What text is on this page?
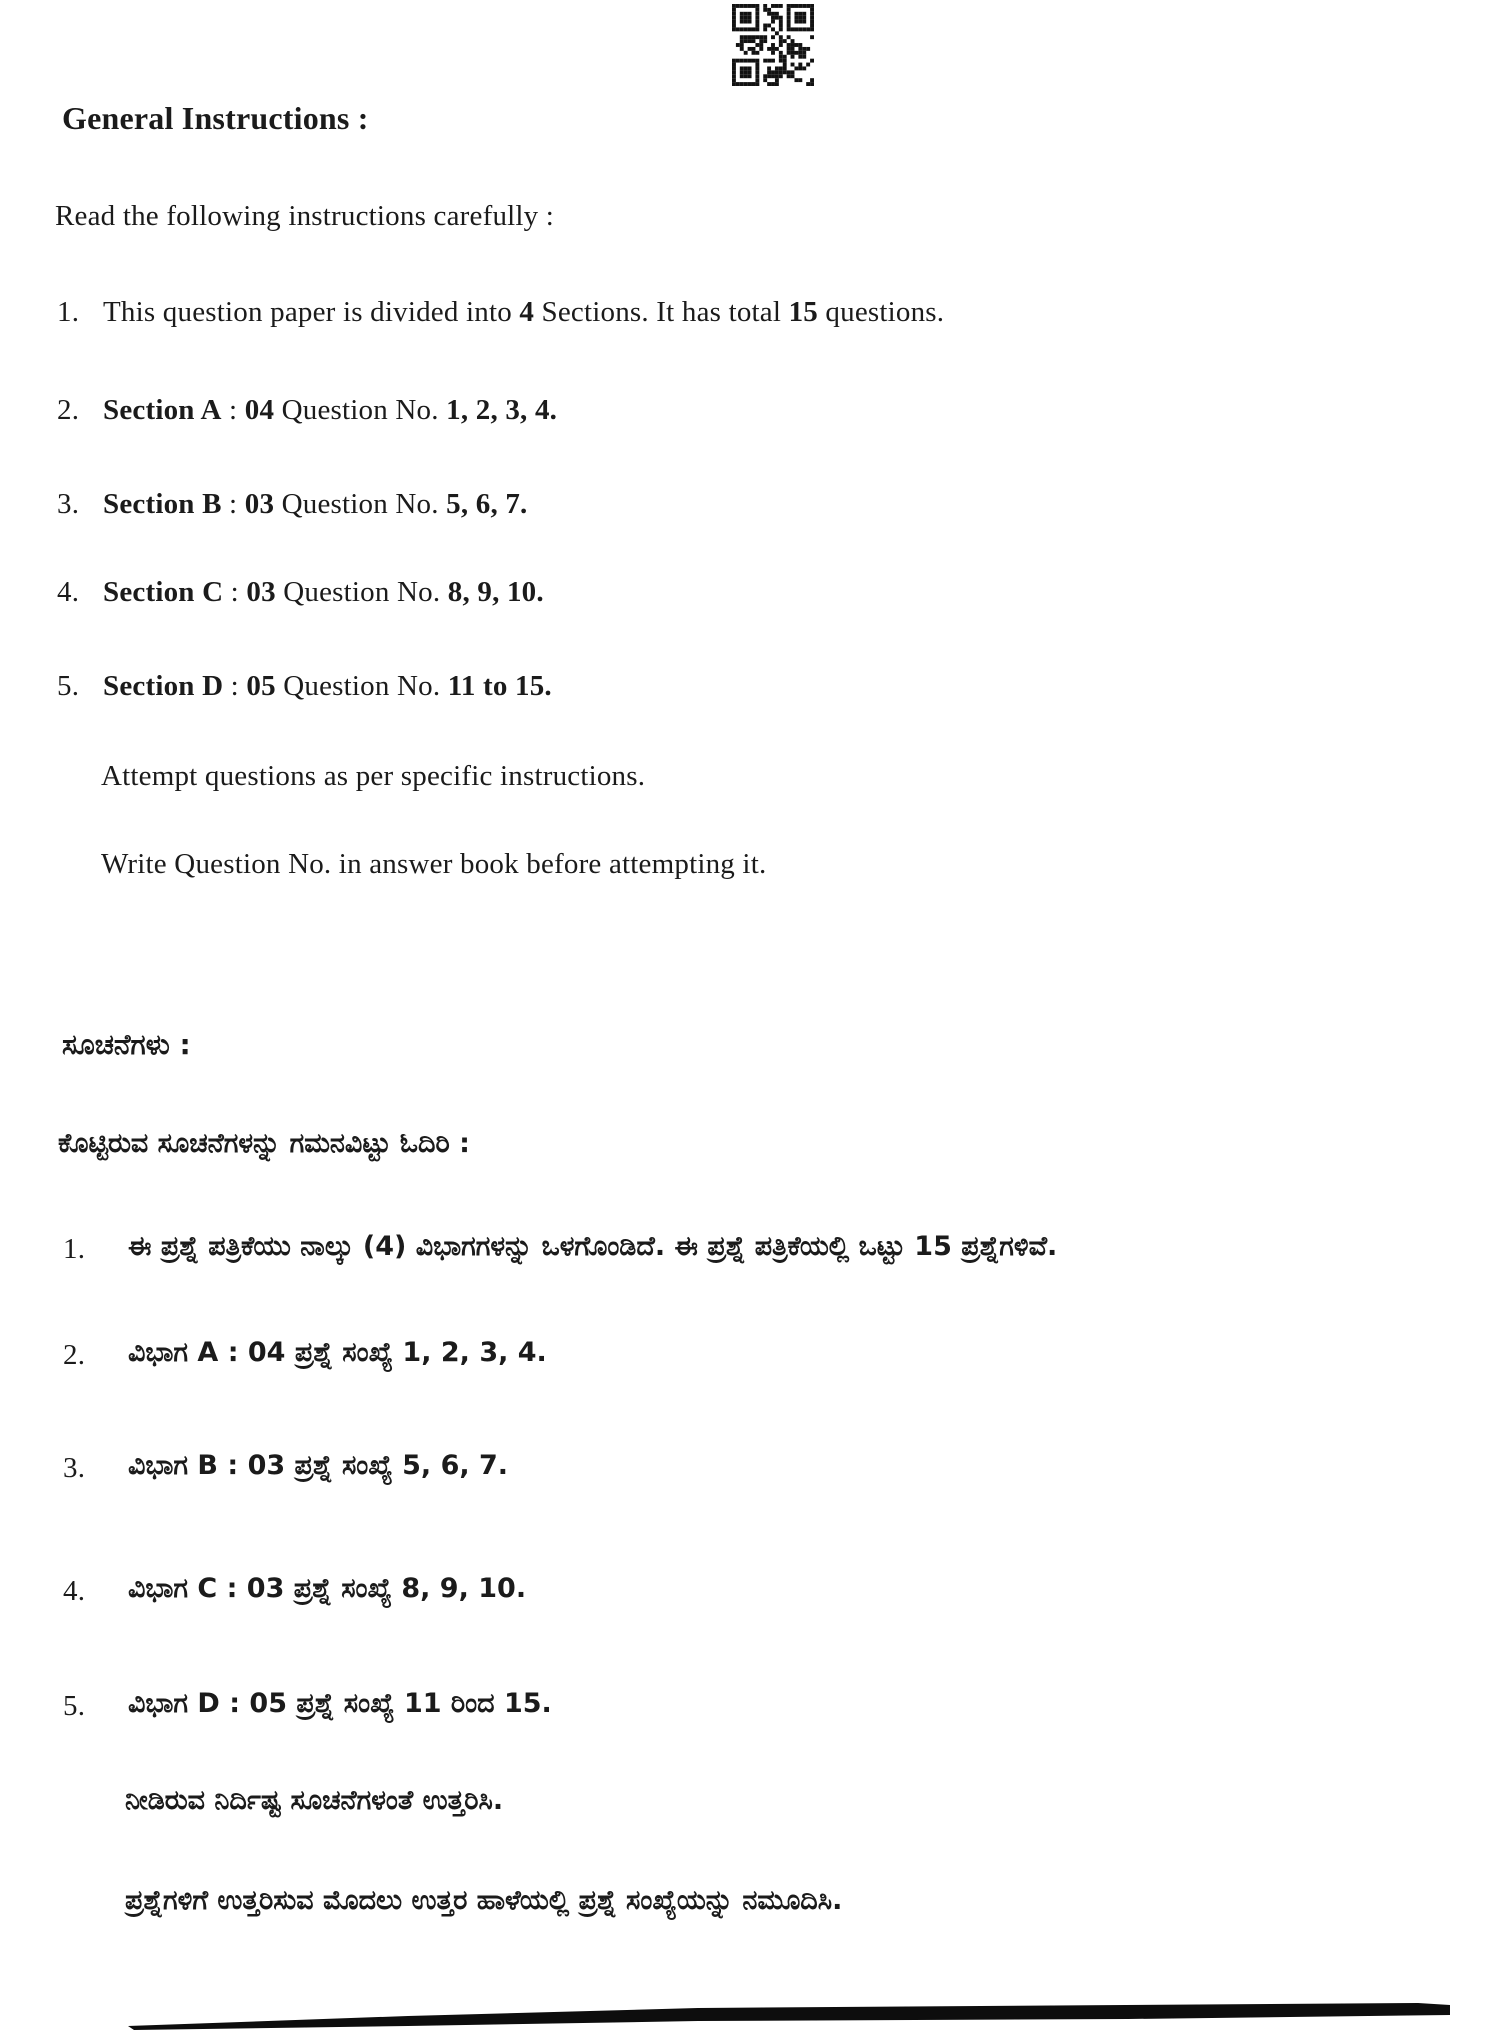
General Instructions :
Read the following instructions carefully :
1. This question paper is divided into 4 Sections. It has total 15 questions.
2. Section A : 04 Question No. 1, 2, 3, 4.
3. Section B : 03 Question No. 5, 6, 7.
4. Section C : 03 Question No. 8, 9, 10.
5. Section D : 05 Question No. 11 to 15.
Attempt questions as per specific instructions.
Write Question No. in answer book before attempting it.
ಸೂಚನೆಗಳು :
ಕೊಟ್ಟಿರುವ ಸೂಚನೆಗಳನ್ನು ಗಮನವಿಟ್ಟು ಓದಿರಿ :
1. ಈ ಪ್ರಶ್ನೆ ಪತ್ರಿಕೆಯು ನಾಲ್ಕು (4) ವಿಭಾಗಗಳನ್ನು ಒಳಗೊಂಡಿದೆ. ಈ ಪ್ರಶ್ನೆ ಪತ್ರಿಕೆಯಲ್ಲಿ ಒಟ್ಟು 15 ಪ್ರಶ್ನೆಗಳಿವೆ.
2. ವಿಭಾಗ A : 04 ಪ್ರಶ್ನೆ ಸಂಖ್ಯೆ 1, 2, 3, 4.
3. ವಿಭಾಗ B : 03 ಪ್ರಶ್ನೆ ಸಂಖ್ಯೆ 5, 6, 7.
4. ವಿಭಾಗ C : 03 ಪ್ರಶ್ನೆ ಸಂಖ್ಯೆ 8, 9, 10.
5. ವಿಭಾಗ D : 05 ಪ್ರಶ್ನೆ ಸಂಖ್ಯೆ 11 ರಿಂದ 15.
ನೀಡಿರುವ ನಿರ್ದಿಷ್ಟ ಸೂಚನೆಗಳಂತೆ ಉತ್ತರಿಸಿ.
ಪ್ರಶ್ನೆಗಳಿಗೆ ಉತ್ತರಿಸುವ ಮೊದಲು ಉತ್ತರ ಹಾಳೆಯಲ್ಲಿ ಪ್ರಶ್ನೆ ಸಂಖ್ಯೆಯನ್ನು ನಮೂದಿಸಿ.
